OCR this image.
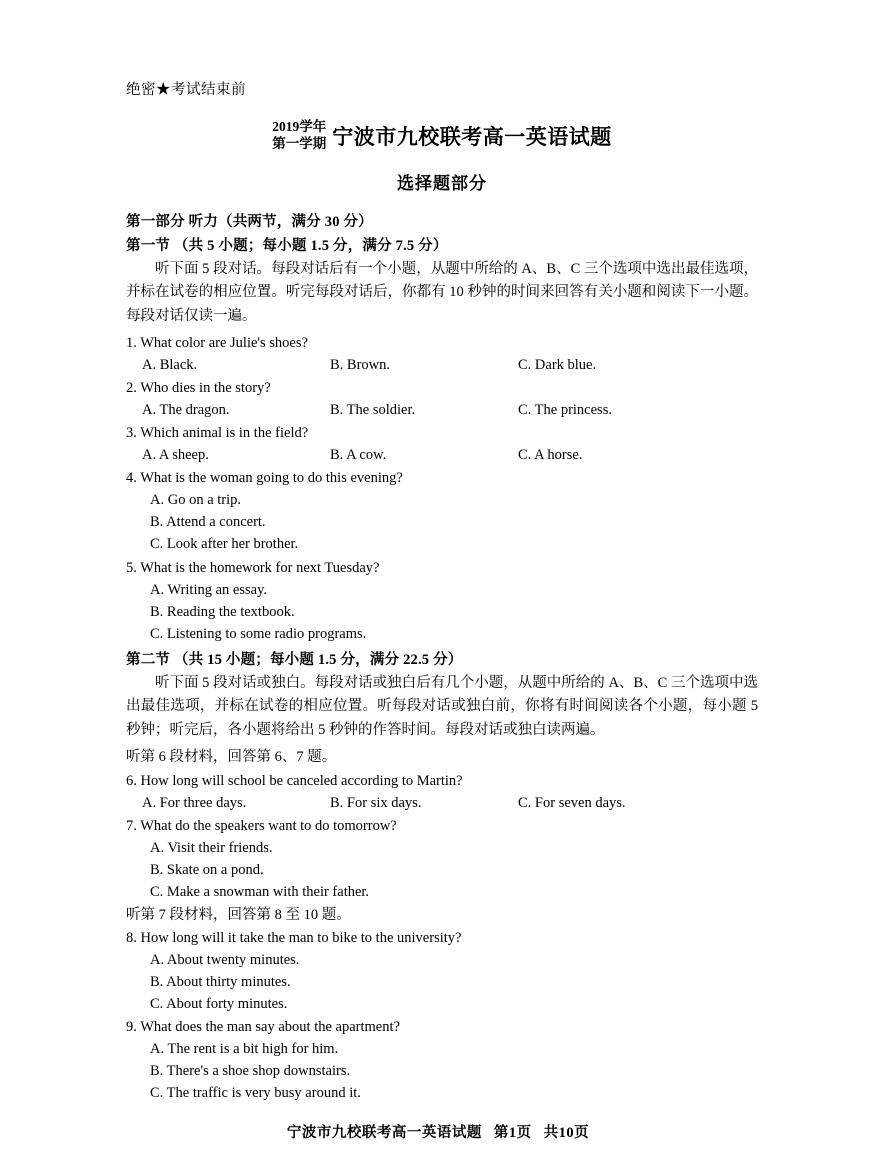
绝密★考试结束前
2019学年
第一学期 宁波市九校联考高一英语试题
选择题部分
第一部分 听力（共两节，满分 30 分）
第一节 （共 5 小题；每小题 1.5 分，满分 7.5 分）
听下面 5 段对话。每段对话后有一个小题，从题中所给的 A、B、C 三个选项中选出最佳选项，并标在试卷的相应位置。听完每段对话后，你都有 10 秒钟的时间来回答有关小题和阅读下一小题。每段对话仅读一遍。
1. What color are Julie's shoes?
A. Black.	B. Brown.	C. Dark blue.
2. Who dies in the story?
A. The dragon.	B. The soldier.	C. The princess.
3. Which animal is in the field?
A. A sheep.	B. A cow.	C. A horse.
4. What is the woman going to do this evening?
A. Go on a trip.
B. Attend a concert.
C. Look after her brother.
5. What is the homework for next Tuesday?
A. Writing an essay.
B. Reading the textbook.
C. Listening to some radio programs.
第二节 （共 15 小题；每小题 1.5 分，满分 22.5 分）
听下面 5 段对话或独白。每段对话或独白后有几个小题，从题中所给的 A、B、C 三个选项中选出最佳选项，并标在试卷的相应位置。听每段对话或独白前，你将有时间阅读各个小题，每小题 5 秒钟；听完后，各小题将给出 5 秒钟的作答时间。每段对话或独白读两遍。
听第 6 段材料，回答第 6、7 题。
6. How long will school be canceled according to Martin?
A. For three days.	B. For six days.	C. For seven days.
7. What do the speakers want to do tomorrow?
A. Visit their friends.
B. Skate on a pond.
C. Make a snowman with their father.
听第 7 段材料，回答第 8 至 10 题。
8. How long will it take the man to bike to the university?
A. About twenty minutes.
B. About thirty minutes.
C. About forty minutes.
9. What does the man say about the apartment?
A. The rent is a bit high for him.
B. There's a shoe shop downstairs.
C. The traffic is very busy around it.
宁波市九校联考高一英语试题 第1页 共10页
